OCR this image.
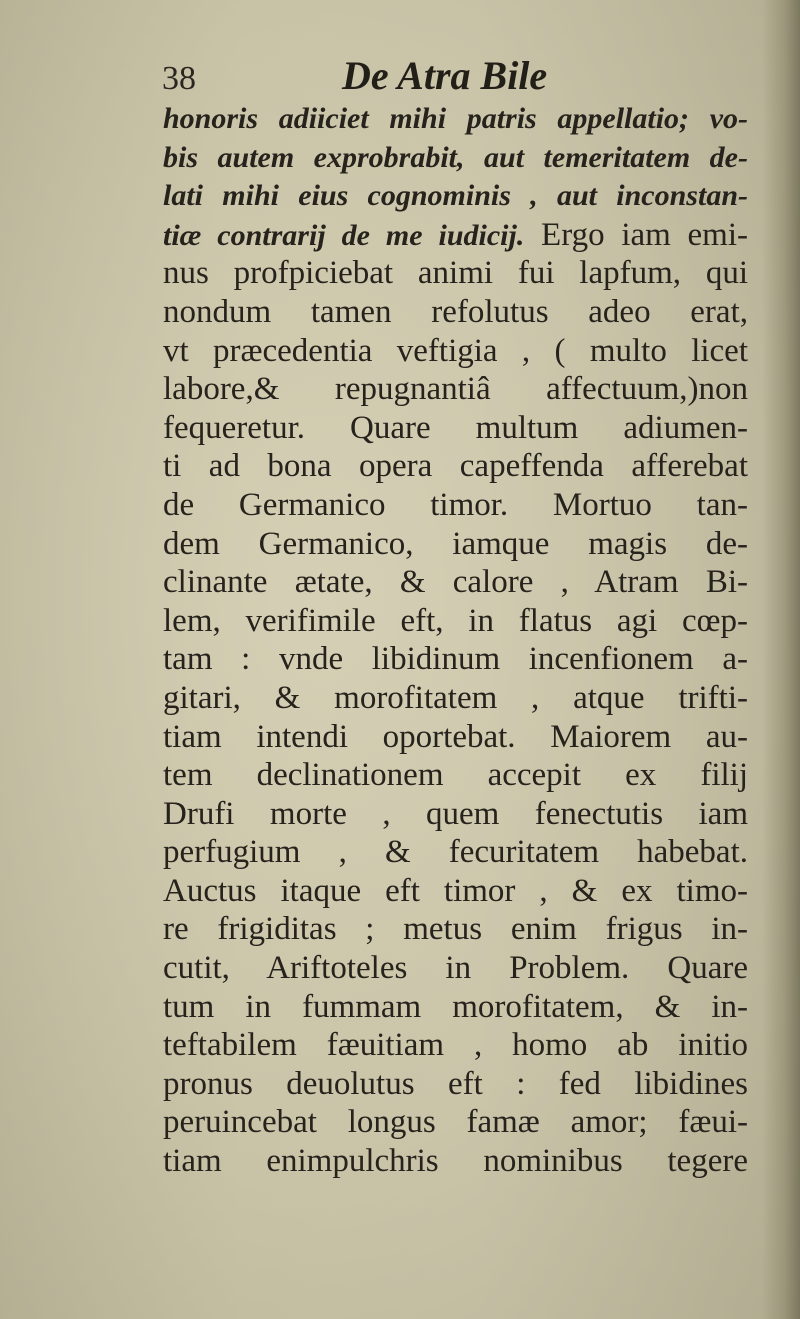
38	De Atra Bile
honoris adiiciet mihi patris appellatio; vo-
bis autem exprobrabit, aut temeritatem de-
lati mihi eius cognominis , aut inconstan-
tiæ contrarij de me iudicij. Ergo iam emi-
nus profpiciebat animi fui lapfum, qui
nondum tamen refolutus adeo erat,
vt præcedentia veftigia , ( multo licet
labore,& repugnantiâ affectuum,)non
fequeretur. Quare multum adiumen-
ti ad bona opera capeffenda afferebat
de Germanico timor. Mortuo tan-
dem Germanico, iamque magis de-
clinante ætate, & calore , Atram Bi-
lem, verifimile eft, in flatus agi cœp-
tam : vnde libidinum incenfionem a-
gitari, & morofitatem , atque trifti-
tiam intendi oportebat. Maiorem au-
tem declinationem accepit ex filij
Drufi morte , quem fenectutis iam
perfugium , & fecuritatem habebat.
Auctus itaque eft timor , & ex timo-
re frigiditas ; metus enim frigus in-
cutit, Ariftoteles in Problem. Quare
tum in fummam morofitatem, & in-
teftabilem fæuitiam , homo ab initio
pronus deuolutus eft : fed libidines
peruincebat longus famæ amor; fæui-
tiam enimpulchris nominibus tegere
